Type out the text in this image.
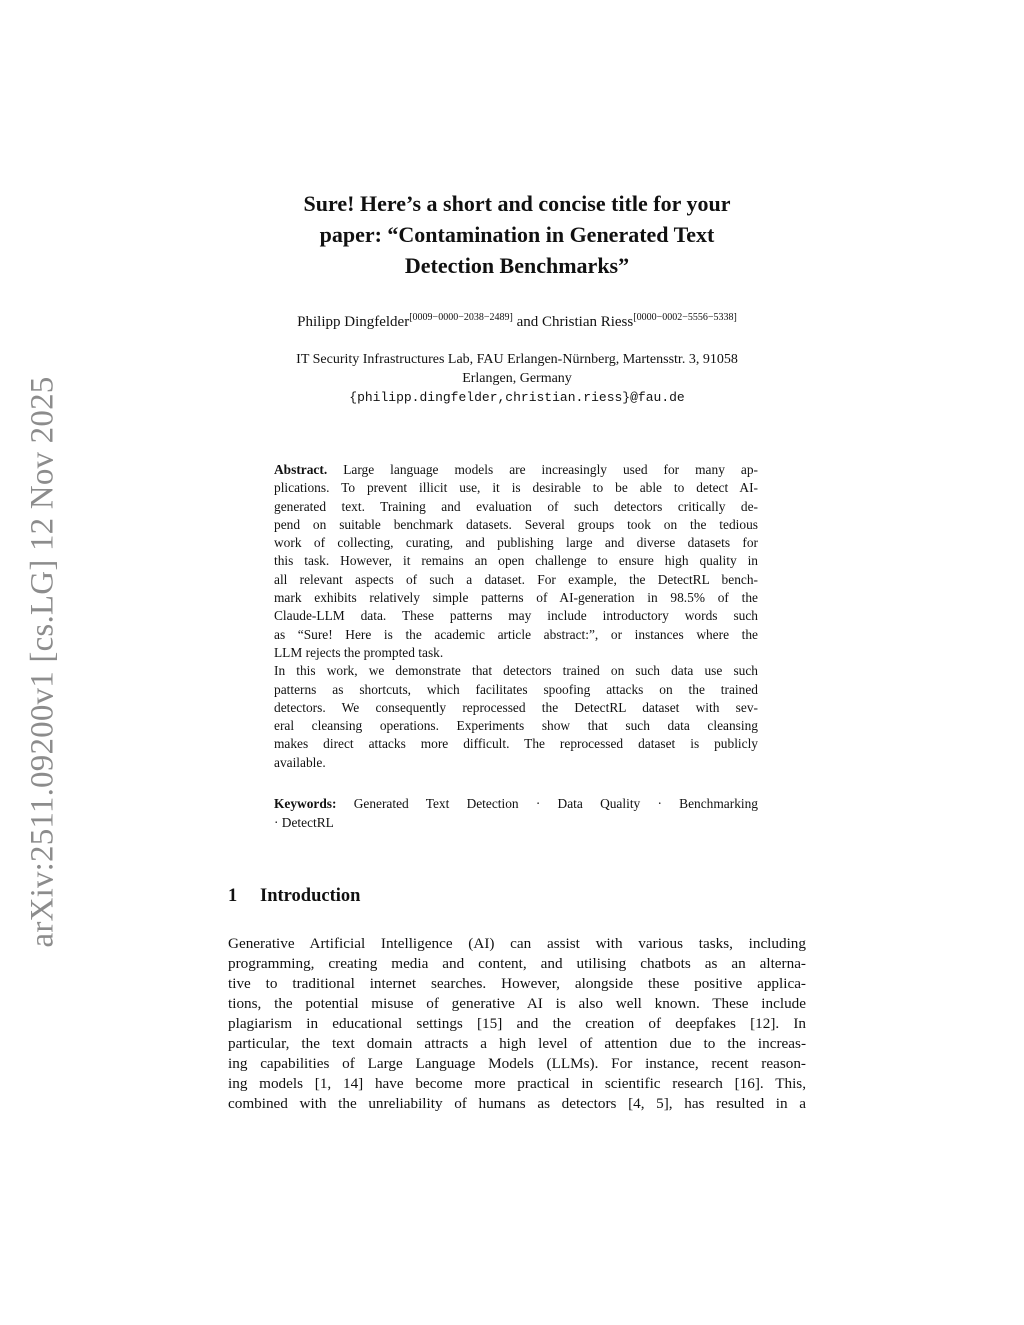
arXiv:2511.09200v1 [cs.LG] 12 Nov 2025
Sure! Here’s a short and concise title for your
paper: “Contamination in Generated Text
Detection Benchmarks”
Philipp Dingfelder[0009−0000−2038−2489] and Christian Riess[0000−0002−5556−5338]
IT Security Infrastructures Lab, FAU Erlangen-Nürnberg, Martensstr. 3, 91058
Erlangen, Germany
{philipp.dingfelder,christian.riess}@fau.de
Abstract. Large language models are increasingly used for many ap-
plications. To prevent illicit use, it is desirable to be able to detect AI-
generated text. Training and evaluation of such detectors critically de-
pend on suitable benchmark datasets. Several groups took on the tedious
work of collecting, curating, and publishing large and diverse datasets for
this task. However, it remains an open challenge to ensure high quality in
all relevant aspects of such a dataset. For example, the DetectRL bench-
mark exhibits relatively simple patterns of AI-generation in 98.5% of the
Claude-LLM data. These patterns may include introductory words such
as “Sure! Here is the academic article abstract:”, or instances where the
LLM rejects the prompted task.
In this work, we demonstrate that detectors trained on such data use such
patterns as shortcuts, which facilitates spoofing attacks on the trained
detectors. We consequently reprocessed the DetectRL dataset with sev-
eral cleansing operations. Experiments show that such data cleansing
makes direct attacks more difficult. The reprocessed dataset is publicly
available.
Keywords: Generated Text Detection · Data Quality · Benchmarking
· DetectRL
1 Introduction
Generative Artificial Intelligence (AI) can assist with various tasks, including
programming, creating media and content, and utilising chatbots as an alterna-
tive to traditional internet searches. However, alongside these positive applica-
tions, the potential misuse of generative AI is also well known. These include
plagiarism in educational settings [15] and the creation of deepfakes [12]. In
particular, the text domain attracts a high level of attention due to the increas-
ing capabilities of Large Language Models (LLMs). For instance, recent reason-
ing models [1, 14] have become more practical in scientific research [16]. This,
combined with the unreliability of humans as detectors [4, 5], has resulted in a
